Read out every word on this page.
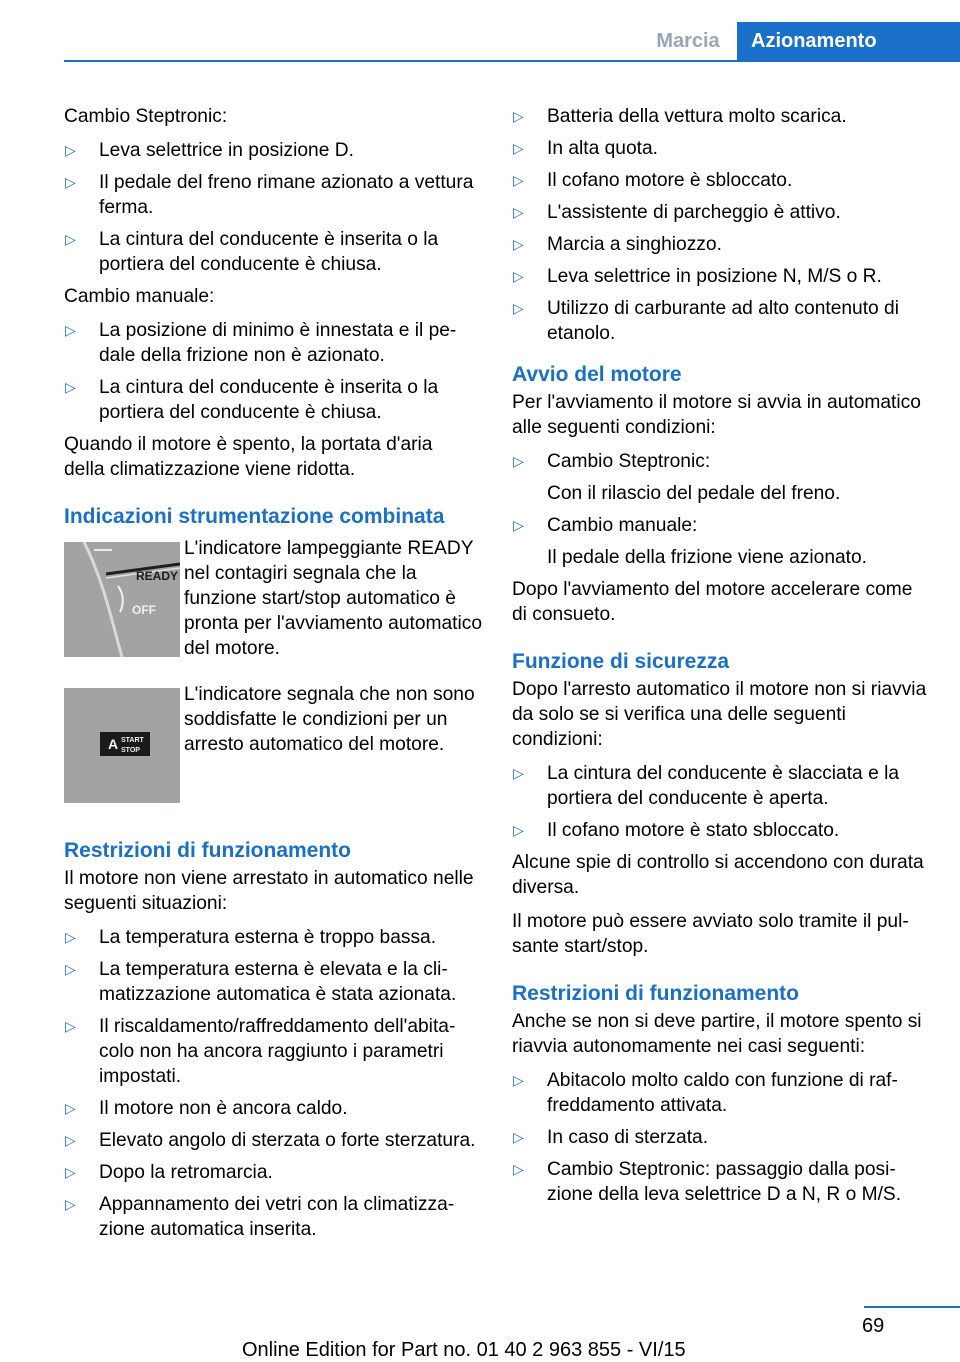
Marcia	Azionamento

Cambio Steptronic:

▷ Leva selettrice in posizione D.
▷ Il pedale del freno rimane azionato a vettura ferma.
▷ La cintura del conducente è inserita o la portiera del conducente è chiusa.

Cambio manuale:

▷ La posizione di minimo è innestata e il pedale della frizione non è azionato.
▷ La cintura del conducente è inserita o la portiera del conducente è chiusa.

Quando il motore è spento, la portata d'aria della climatizzazione viene ridotta.

Indicazioni strumentazione combinata
READY
OFF
L'indicatore lampeggiante READY nel contagiri segnala che la funzione start/stop automatico è pronta per l'avviamento automatico del motore.
A START
STOP
L'indicatore segnala che non sono soddisfatte le condizioni per un arresto automatico del motore.
Restrizioni di funzionamento

Il motore non viene arrestato in automatico nelle seguenti situazioni:

▷ La temperatura esterna è troppo bassa.
▷ La temperatura esterna è elevata e la climatizzazione automatica è stata azionata.
▷ Il riscaldamento/raffreddamento dell'abitacolo non ha ancora raggiunto i parametri impostati.
▷ Il motore non è ancora caldo.
▷ Elevato angolo di sterzata o forte sterzatura.
▷ Dopo la retromarcia.
▷ Appannamento dei vetri con la climatizzazione automatica inserita.
▷ Batteria della vettura molto scarica.
▷ In alta quota.
▷ Il cofano motore è sbloccato.
▷ L'assistente di parcheggio è attivo.
▷ Marcia a singhiozzo.
▷ Leva selettrice in posizione N, M/S o R.
▷ Utilizzo di carburante ad alto contenuto di etanolo.
Avvio del motore

Per l'avviamento il motore si avvia in automatico alle seguenti condizioni:

▷ Cambio Steptronic:
Con il rilascio del pedale del freno.
▷ Cambio manuale:
Il pedale della frizione viene azionato.

Dopo l'avviamento del motore accelerare come di consueto.

Funzione di sicurezza

Dopo l'arresto automatico il motore non si riavvia da solo se si verifica una delle seguenti condizioni:

▷ La cintura del conducente è slacciata e la portiera del conducente è aperta.
▷ Il cofano motore è stato sbloccato.

Alcune spie di controllo si accendono con durata diversa.

Il motore può essere avviato solo tramite il pulsante start/stop.

Restrizioni di funzionamento

Anche se non si deve partire, il motore spento si riavvia autonomamente nei casi seguenti:

▷ Abitacolo molto caldo con funzione di raffreddamento attivata.
▷ In caso di sterzata.
▷ Cambio Steptronic: passaggio dalla posizione della leva selettrice D a N, R o M/S.
69
Online Edition for Part no. 01 40 2 963 855 - VI/15
